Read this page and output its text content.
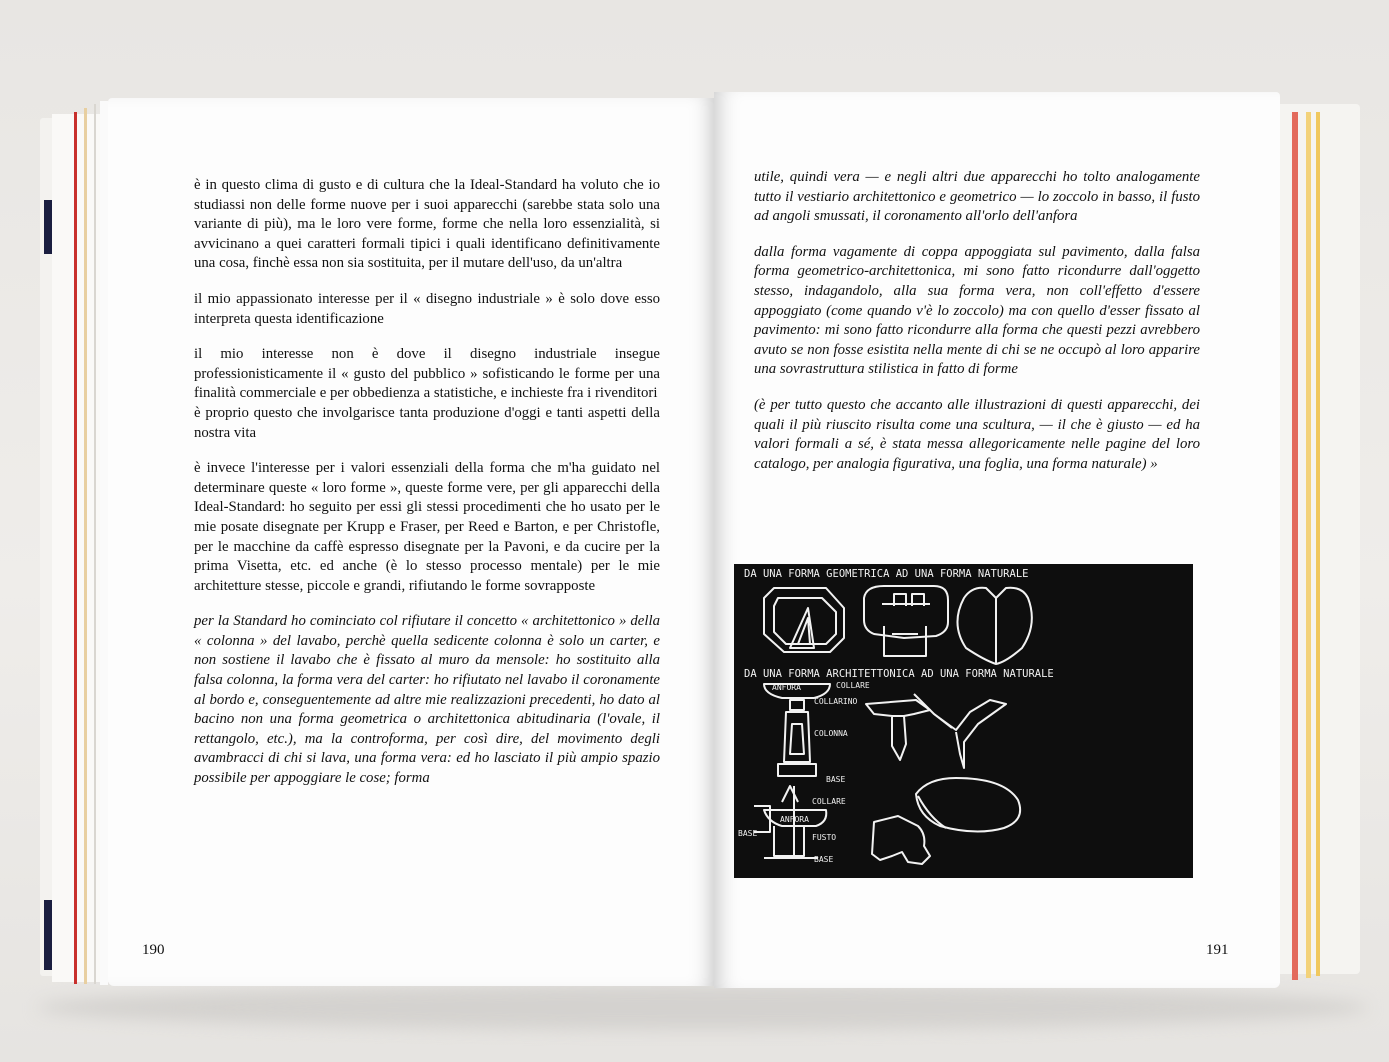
è in questo clima di gusto e di cultura che la Ideal-Standard ha voluto che io studiassi non delle forme nuove per i suoi apparecchi (sarebbe stata solo una variante di più), ma le loro vere forme, forme che nella loro essenzialità, si avvicinano a quei caratteri formali tipici i quali identificano definitivamente una cosa, finchè essa non sia sostituita, per il mutare dell'uso, da un'altra

il mio appassionato interesse per il « disegno industriale » è solo dove esso interpreta questa identificazione

il mio interesse non è dove il disegno industriale insegue professionisticamente il « gusto del pubblico » sofisticando le forme per una finalità commerciale e per obbedienza a statistiche, e inchieste fra i rivenditori

è proprio questo che involgarisce tanta produzione d'oggi e tanti aspetti della nostra vita

è invece l'interesse per i valori essenziali della forma che m'ha guidato nel determinare queste « loro forme », queste forme vere, per gli apparecchi della Ideal-Standard: ho seguito per essi gli stessi procedimenti che ho usato per le mie posate disegnate per Krupp e Fraser, per Reed e Barton, e per Christofle, per le macchine da caffè espresso disegnate per la Pavoni, e da cucire per la prima Visetta, etc. ed anche (è lo stesso processo mentale) per le mie architetture stesse, piccole e grandi, rifiutando le forme sovrapposte

per la Standard ho cominciato col rifiutare il concetto « architettonico » della « colonna » del lavabo, perchè quella sedicente colonna è solo un carter, e non sostiene il lavabo che è fissato al muro da mensole: ho sostituito alla falsa colonna, la forma vera del carter: ho rifiutato nel lavabo il coronamente al bordo e, conseguentemente ad altre mie realizzazioni precedenti, ho dato al bacino non una forma geometrica o architettonica abitudinaria (l'ovale, il rettangolo, etc.), ma la controforma, per così dire, del movimento degli avambracci di chi si lava, una forma vera: ed ho lasciato il più ampio spazio possibile per appoggiare le cose; forma

190

utile, quindi vera — e negli altri due apparecchi ho tolto analogamente tutto il vestiario architettonico e geometrico — lo zoccolo in basso, il fusto ad angoli smussati, il coronamento all'orlo dell'anfora

dalla forma vagamente di coppa appoggiata sul pavimento, dalla falsa forma geometrico-architettonica, mi sono fatto ricondurre dall'oggetto stesso, indagandolo, alla sua forma vera, non coll'effetto d'essere appoggiato (come quando v'è lo zoccolo) ma con quello d'esser fissato al pavimento: mi sono fatto ricondurre alla forma che questi pezzi avrebbero avuto se non fosse esistita nella mente di chi se ne occupò al loro apparire una sovrastruttura stilistica in fatto di forme

(è per tutto questo che accanto alle illustrazioni di questi apparecchi, dei quali il più riuscito risulta come una scultura, — il che è giusto — ed ha valori formali a sé, è stata messa allegoricamente nelle pagine del loro catalogo, per analogia figurativa, una foglia, una forma naturale) »

DA UNA FORMA GEOMETRICA AD UNA FORMA NATURALE
DA UNA FORMA ARCHITETTONICA AD UNA FORMA NATURALE
ANFORA	COLLARE
COLLARINO
COLONNA
BASE
COLLARE
ANFORA
FUSTO
BASE
BASE
191
